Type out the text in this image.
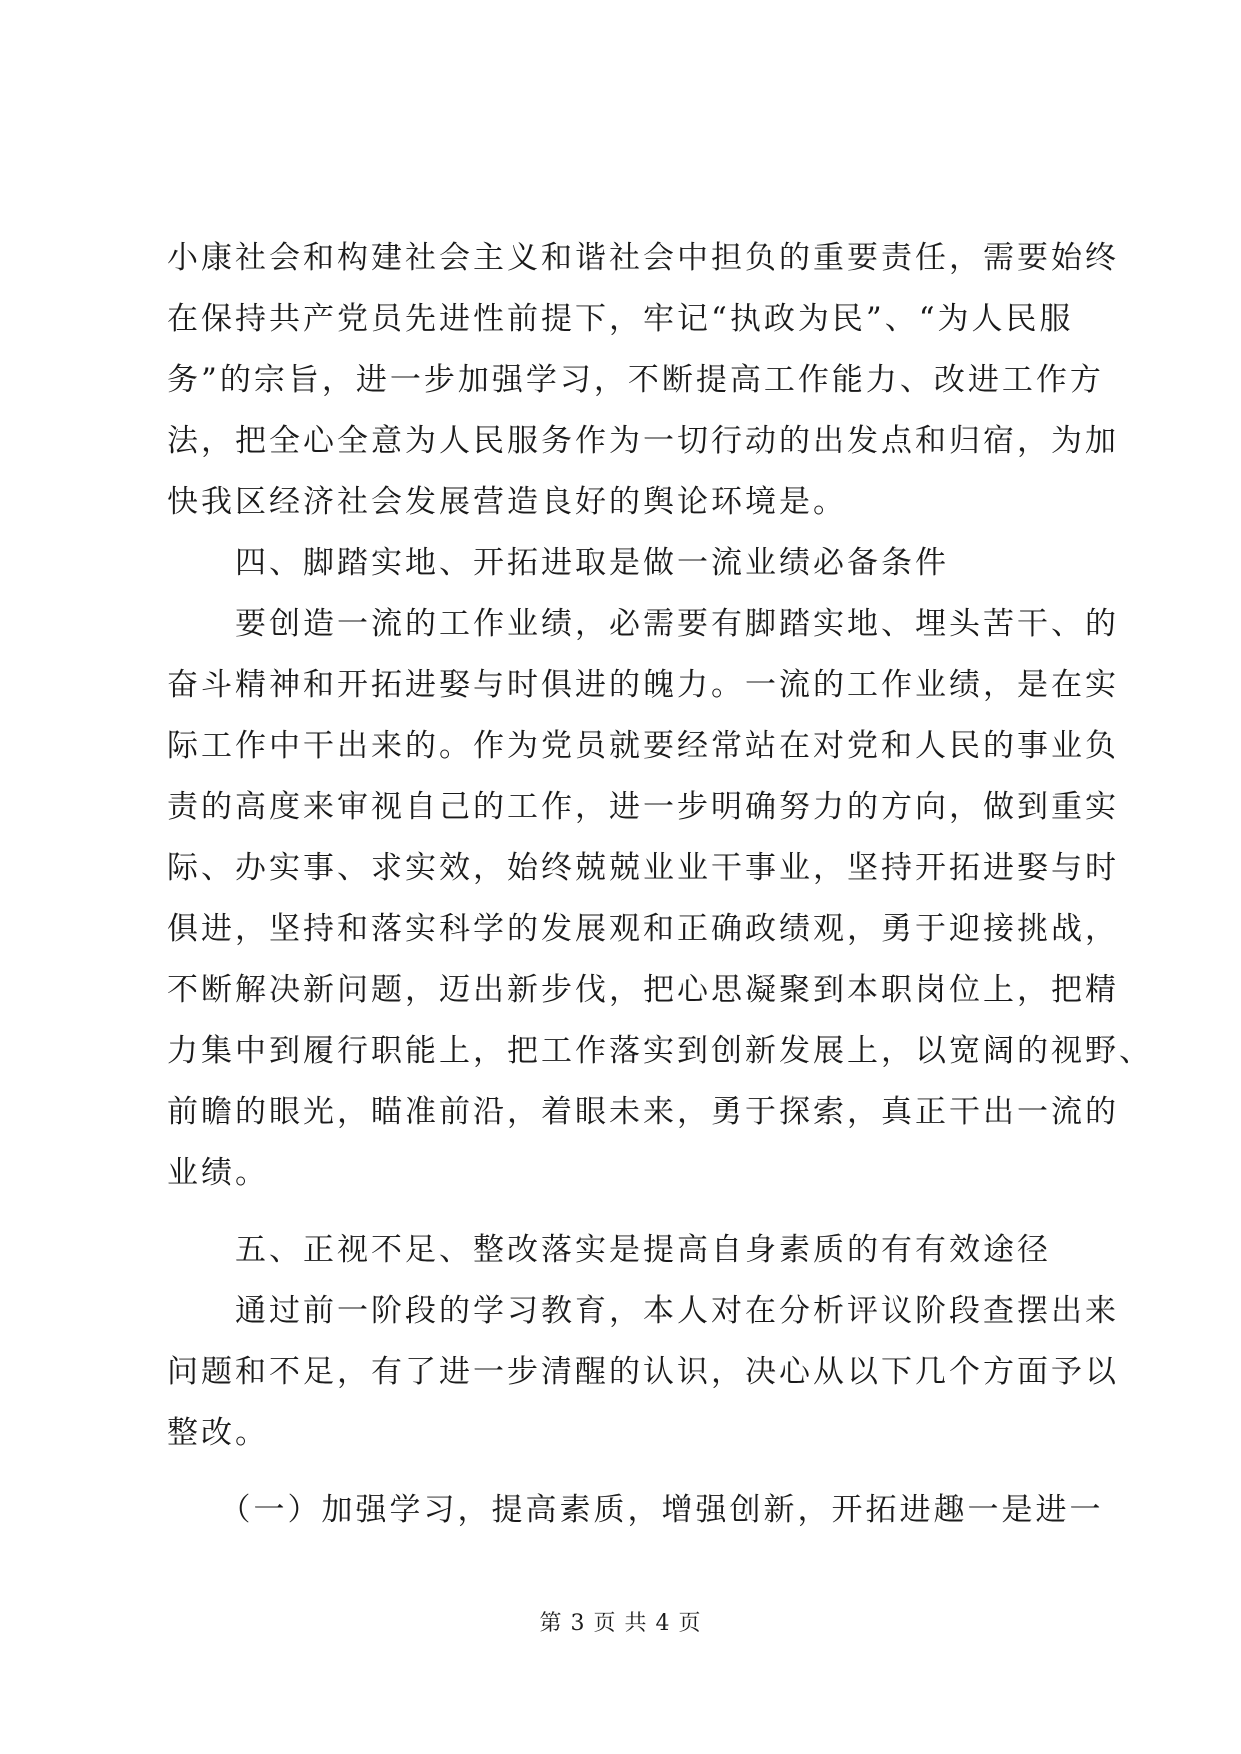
小康社会和构建社会主义和谐社会中担负的重要责任，需要始终
在保持共产党员先进性前提下，牢记“执政为民”、“为人民服
务”的宗旨，进一步加强学习，不断提高工作能力、改进工作方
法，把全心全意为人民服务作为一切行动的出发点和归宿，为加
快我区经济社会发展营造良好的舆论环境是。
　　四、脚踏实地、开拓进取是做一流业绩必备条件
　　要创造一流的工作业绩，必需要有脚踏实地、埋头苦干、的
奋斗精神和开拓进娶与时俱进的魄力。一流的工作业绩，是在实
际工作中干出来的。作为党员就要经常站在对党和人民的事业负
责的高度来审视自己的工作，进一步明确努力的方向，做到重实
际、办实事、求实效，始终兢兢业业干事业，坚持开拓进娶与时
俱进，坚持和落实科学的发展观和正确政绩观，勇于迎接挑战，
不断解决新问题，迈出新步伐，把心思凝聚到本职岗位上，把精
力集中到履行职能上，把工作落实到创新发展上，以宽阔的视野、
前瞻的眼光，瞄准前沿，着眼未来，勇于探索，真正干出一流的
业绩。
　　五、正视不足、整改落实是提高自身素质的有有效途径
　　通过前一阶段的学习教育，本人对在分析评议阶段查摆出来
问题和不足，有了进一步清醒的认识，决心从以下几个方面予以
整改。
　　（一）加强学习，提高素质，增强创新，开拓进趣一是进一
第 3 页 共 4 页
